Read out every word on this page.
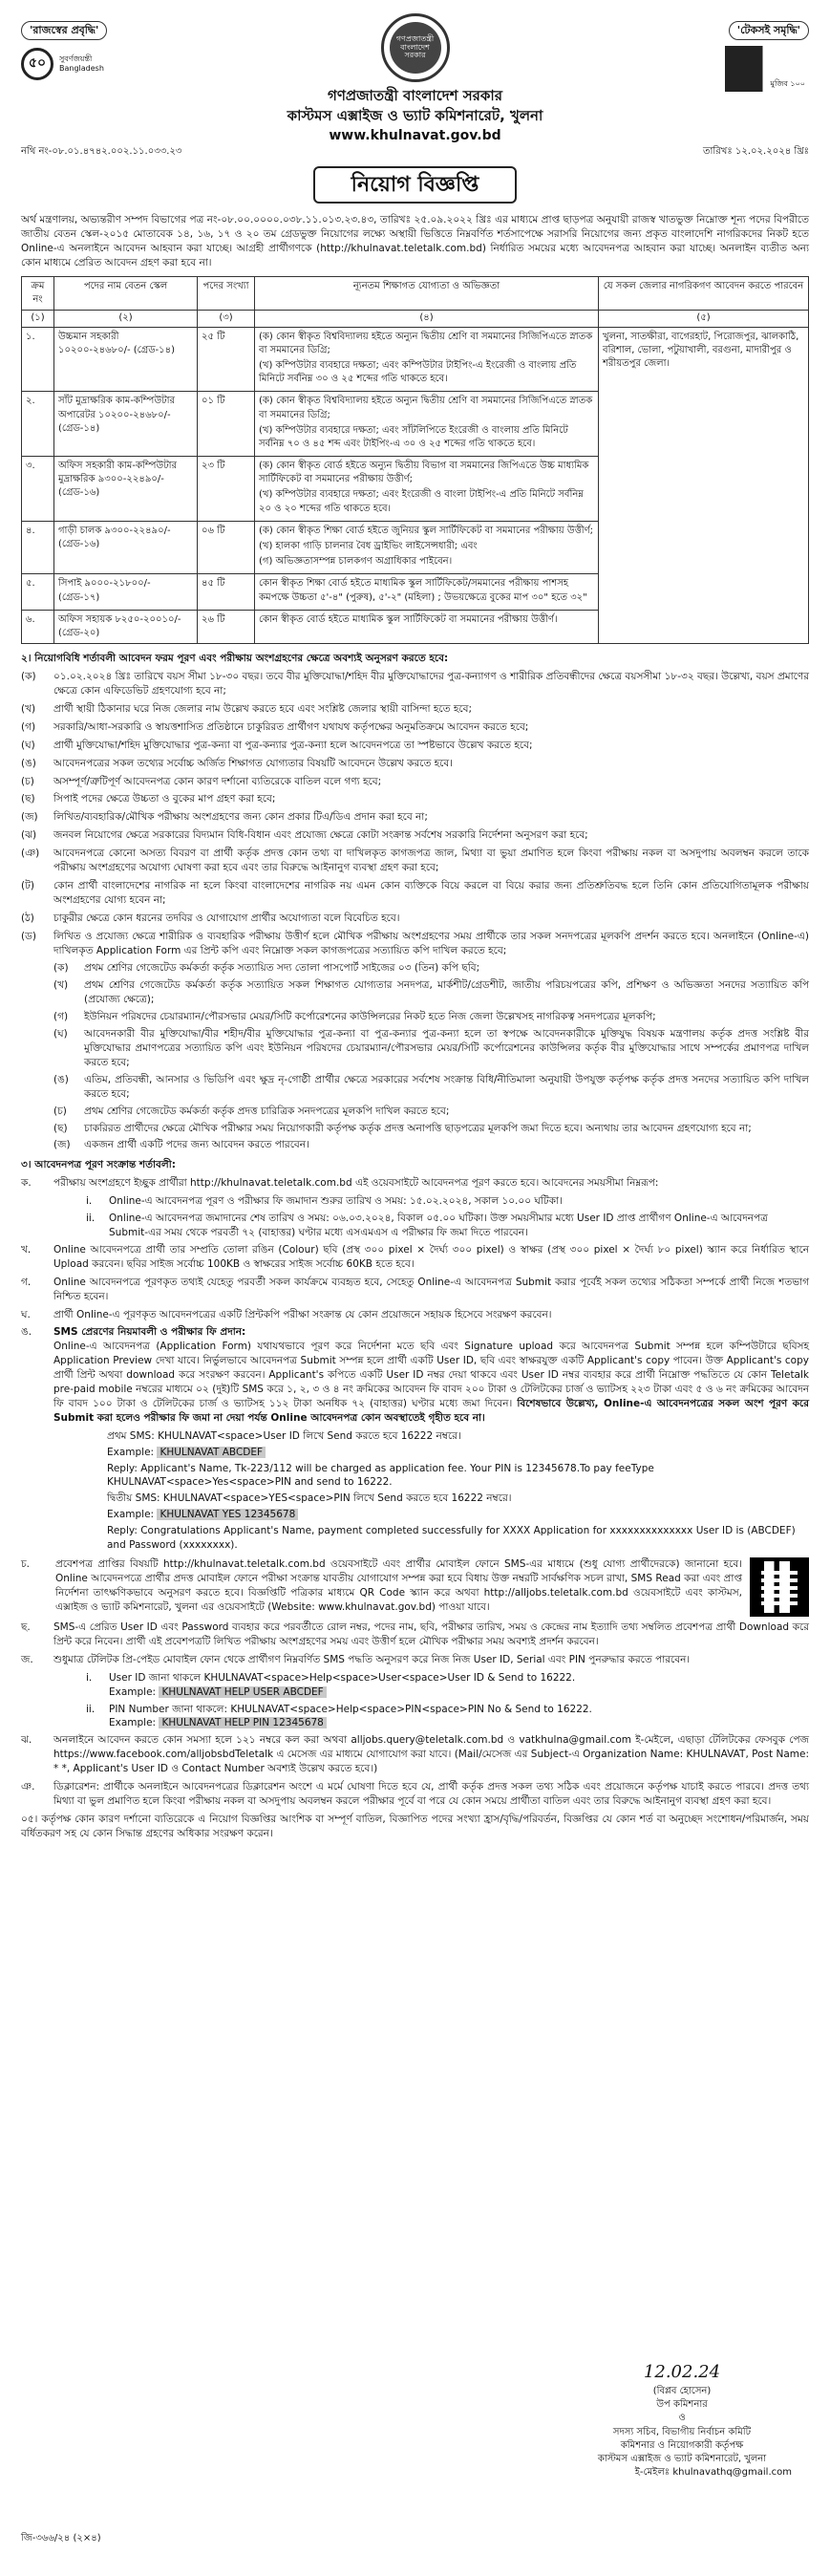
'রাজস্বের প্রবৃদ্ধি'
৫০	সুবর্ণজয়ন্তী
Bangladesh
গণপ্রজাতন্ত্রী বাংলাদেশ সরকার
'টেকসই সমৃদ্ধি'
মুজিব ১০০
গণপ্রজাতন্ত্রী বাংলাদেশ সরকার
কাস্টমস এক্সাইজ ও ভ্যাট কমিশনারেট, খুলনা
www.khulnavat.gov.bd
নথি নং-০৮.০১.৪৭৪২.০০২.১১.০৩৩.২৩	তারিখঃ ১২.০২.২০২৪ খ্রিঃ
নিয়োগ বিজ্ঞপ্তি

অর্থ মন্ত্রণালয়, অভ্যন্তরীণ সম্পদ বিভাগের পত্র নং-০৮.০০.০০০০.০৩৮.১১.০১৩.২৩.৪৩, তারিখঃ ২৫.০৯.২০২২ খ্রিঃ এর মাধ্যমে প্রাপ্ত ছাড়পত্র অনুযায়ী রাজস্ব খাতভুক্ত নিম্নোক্ত শূন্য পদের বিপরীতে জাতীয় বেতন স্কেল-২০১৫ মোতাবেক ১৪, ১৬, ১৭ ও ২০ তম গ্রেডভুক্ত নিয়োগের লক্ষ্যে অস্থায়ী ভিত্তিতে নিম্নবর্ণিত শর্তসাপেক্ষে সরাসরি নিয়োগের জন্য প্রকৃত বাংলাদেশি নাগরিকদের নিকট হতে Online-এ অনলাইনে আবেদন আহবান করা যাচ্ছে। আগ্রহী প্রার্থীগণকে (http://khulnavat.teletalk.com.bd) নির্ধারিত সময়ের মধ্যে আবেদনপত্র আহবান করা যাচ্ছে। অনলাইন ব্যতীত অন্য কোন মাধ্যমে প্রেরিত আবেদন গ্রহণ করা হবে না।

ক্রম নং	পদের নাম বেতন স্কেল	পদের সংখ্যা	ন্যূনতম শিক্ষাগত যোগ্যতা ও অভিজ্ঞতা	যে সকল জেলার নাগরিকগণ আবেদন করতে পারবেন
(১)	(২)	(৩)	(৪)	(৫)
১.	উচ্চমান সহকারী ১০২০০-২৪৬৮০/- (গ্রেড-১৪)	২৫ টি	(ক) কোন স্বীকৃত বিশ্ববিদ্যালয় হইতে অন্যুন দ্বিতীয় শ্রেণি বা সমমানের সিজিপিএতে স্নাতক বা সমমানের ডিগ্রি;
(খ) কম্পিউটার ব্যবহারে দক্ষতা; এবং কম্পিউটার টাইপিং-এ ইংরেজী ও বাংলায় প্রতি মিনিটে সর্বনিম্ন ৩০ ও ২৫ শব্দের গতি থাকতে হবে।	খুলনা, সাতক্ষীরা, বাগেরহাট, পিরোজপুর, ঝালকাঠি, বরিশাল, ভোলা, পটুয়াখালী, বরগুনা, মাদারীপুর ও শরীয়তপুর জেলা।
২.	সাঁট মুদ্রাক্ষরিক কাম-কম্পিউটার অপারেটর ১০২০০-২৪৬৮০/- (গ্রেড-১৪)	০১ টি	(ক) কোন স্বীকৃত বিশ্ববিদ্যালয় হইতে অন্যুন দ্বিতীয় শ্রেণি বা সমমানের সিজিপিএতে স্নাতক বা সমমানের ডিগ্রি;
(খ) কম্পিউটার ব্যবহারে দক্ষতা; এবং সাঁটলিপিতে ইংরেজী ও বাংলায় প্রতি মিনিটে সর্বনিম্ন ৭০ ও ৪৫ শব্দ এবং টাইপিং-এ ৩০ ও ২৫ শব্দের গতি থাকতে হবে।	

৩.	অফিস সহকারী কাম-কম্পিউটার মুদ্রাক্ষরিক ৯৩০০-২২৪৯০/- (গ্রেড-১৬)	২৩ টি	(ক) কোন স্বীকৃত বোর্ড হইতে অন্যুন দ্বিতীয় বিভাগ বা সমমানের জিপিএতে উচ্চ মাধ্যমিক সার্টিফিকেট বা সমমানের পরীক্ষায় উত্তীর্ণ;
(খ) কম্পিউটার ব্যবহারে দক্ষতা; এবং ইংরেজী ও বাংলা টাইপিং-এ প্রতি মিনিটে সর্বনিম্ন ২০ ও ২০ শব্দের গতি থাকতে হবে।	

৪.	গাড়ী চালক ৯৩০০-২২৪৯০/- (গ্রেড-১৬)	০৬ টি	(ক) কোন স্বীকৃত শিক্ষা বোর্ড হইতে জুনিয়র স্কুল সার্টিফিকেট বা সমমানের পরীক্ষায় উত্তীর্ণ;
(খ) হালকা গাড়ি চালনার বৈধ ড্রাইভিং লাইসেন্সধারী; এবং
(গ) অভিজ্ঞতাসম্পন্ন চালকগণ অগ্রাধিকার পাইবেন।	

৫.	সিপাই ৯০০০-২১৮০০/- (গ্রেড-১৭)	৪৫ টি	কোন স্বীকৃত শিক্ষা বোর্ড হইতে মাধ্যমিক স্কুল সার্টিফিকেট/সমমানের পরীক্ষায় পাশসহ কমপক্ষে উচ্চতা ৫'-৪" (পুরুষ), ৫'-২" (মহিলা) ; উভয়ক্ষেত্রে বুকের মাপ ৩০" হতে ৩২"	

৬.	অফিস সহায়ক ৮২৫০-২০০১০/- (গ্রেড-২০)	২৬ টি	কোন স্বীকৃত বোর্ড হইতে মাধ্যমিক স্কুল সার্টিফিকেট বা সমমানের পরীক্ষায় উত্তীর্ণ।	
২। নিয়োগবিধি শর্তাবলী আবেদন ফরম পূরণ এবং পরীক্ষায় অংশগ্রহণের ক্ষেত্রে অবশ্যই অনুসরণ করতে হবে:
(ক)	০১.০২.২০২৪ খ্রিঃ তারিখে বয়স সীমা ১৮-৩০ বছর। তবে বীর মুক্তিযোদ্ধা/শহিদ বীর মুক্তিযোদ্ধাদের পুত্র-কন্যাগণ ও শারীরিক প্রতিবন্ধীদের ক্ষেত্রে বয়সসীমা ১৮-৩২ বছর। উল্লেখ্য, বয়স প্রমাণের ক্ষেত্রে কোন এফিডেভিট গ্রহণযোগ্য হবে না;
(খ)	প্রার্থী স্থায়ী ঠিকানার ঘরে নিজ জেলার নাম উল্লেখ করতে হবে এবং সংশ্লিষ্ট জেলার স্থায়ী বাসিন্দা হতে হবে;
(গ)	সরকারি/আধা-সরকারি ও স্বায়ত্তশাসিত প্রতিষ্ঠানে চাকুরিরত প্রার্থীগণ যথাযথ কর্তৃপক্ষের অনুমতিক্রমে আবেদন করতে হবে;
(ঘ)	প্রার্থী মুক্তিযোদ্ধা/শহিদ মুক্তিযোদ্ধার পুত্র-কন্যা বা পুত্র-কন্যার পুত্র-কন্যা হলে আবেদনপত্রে তা স্পষ্টভাবে উল্লেখ করতে হবে;
(ঙ)	আবেদনপত্রের সকল তথ্যের সর্বোচ্চ অর্জিত শিক্ষাগত যোগ্যতার বিষয়টি আবেদনে উল্লেখ করতে হবে।
(চ)	অসম্পূর্ণ/ত্রুটিপূর্ণ আবেদনপত্র কোন কারণ দর্শানো ব্যতিরেকে বাতিল বলে গণ্য হবে;
(ছ)	সিপাই পদের ক্ষেত্রে উচ্চতা ও বুকের মাপ গ্রহণ করা হবে;
(জ)	লিখিত/ব্যবহারিক/মৌখিক পরীক্ষায় অংশগ্রহণের জন্য কোন প্রকার টিএ/ডিএ প্রদান করা হবে না;
(ঝ)	জনবল নিয়োগের ক্ষেত্রে সরকারের বিদ্যমান বিধি-বিধান এবং প্রযোজ্য ক্ষেত্রে কোটা সংক্রান্ত সর্বশেষ সরকারি নির্দেশনা অনুসরণ করা হবে;
(ঞ)	আবেদনপত্রে কোনো অসত্য বিবরণ বা প্রার্থী কর্তৃক প্রদত্ত কোন তথ্য বা দাখিলকৃত কাগজপত্র জাল, মিথ্যা বা ভুয়া প্রমাণিত হলে কিংবা পরীক্ষায় নকল বা অসদুপায় অবলম্বন করলে তাকে পরীক্ষায় অংশগ্রহণের অযোগ্য ঘোষণা করা হবে এবং তার বিরুদ্ধে আইনানুগ ব্যবস্থা গ্রহণ করা হবে;
(ট)	কোন প্রার্থী বাংলাদেশের নাগরিক না হলে কিংবা বাংলাদেশের নাগরিক নয় এমন কোন ব্যক্তিকে বিয়ে করলে বা বিয়ে করার জন্য প্রতিশ্রুতিবদ্ধ হলে তিনি কোন প্রতিযোগিতামূলক পরীক্ষায় অংশগ্রহণের যোগ্য হবেন না;
(ঠ)	চাকুরীর ক্ষেত্রে কোন ধরনের তদবির ও যোগাযোগ প্রার্থীর অযোগ্যতা বলে বিবেচিত হবে।
(ড)	লিখিত ও প্রযোজ্য ক্ষেত্রে শারীরিক ও ব্যবহারিক পরীক্ষায় উত্তীর্ণ হলে মৌখিক পরীক্ষায় অংশগ্রহণের সময় প্রার্থীকে তার সকল সনদপত্রের মূলকপি প্রদর্শন করতে হবে। অনলাইনে (Online-এ) দাখিলকৃত Application Form এর প্রিন্ট কপি এবং নিম্নোক্ত সকল কাগজপত্রের সত্যায়িত কপি দাখিল করতে হবে;
(ক)	প্রথম শ্রেণির গেজেটেড কর্মকর্তা কর্তৃক সত্যায়িত সদ্য তোলা পাসপোর্ট সাইজের ০৩ (তিন) কপি ছবি;
(খ)	প্রথম শ্রেণির গেজেটেড কর্মকর্তা কর্তৃক সত্যায়িত সকল শিক্ষাগত যোগ্যতার সনদপত্র, মার্কশীট/গ্রেডশীট, জাতীয় পরিচয়পত্রের কপি, প্রশিক্ষণ ও অভিজ্ঞতা সনদের সত্যায়িত কপি (প্রযোজ্য ক্ষেত্রে);
(গ)	ইউনিয়ন পরিষদের চেয়ারম্যান/পৌরসভার মেয়র/সিটি কর্পোরেশনের কাউন্সিলরের নিকট হতে নিজ জেলা উল্লেখসহ নাগরিকত্ব সনদপত্রের মূলকপি;
(ঘ)	আবেদনকারী বীর মুক্তিযোদ্ধা/বীর শহীদ/বীর মুক্তিযোদ্ধার পুত্র-কন্যা বা পুত্র-কন্যার পুত্র-কন্যা হলে তা স্বপক্ষে আবেদনকারীকে মুক্তিযুদ্ধ বিষয়ক মন্ত্রণালয় কর্তৃক প্রদত্ত সংশ্লিষ্ট বীর মুক্তিযোদ্ধার প্রমাণপত্রের সত্যায়িত কপি এবং ইউনিয়ন পরিষদের চেয়ারম্যান/পৌরসভার মেয়র/সিটি কর্পোরেশনের কাউন্সিলর কর্তৃক বীর মুক্তিযোদ্ধার সাথে সম্পর্কের প্রমাণপত্র দাখিল করতে হবে;
(ঙ)	এতিম, প্রতিবন্ধী, আনসার ও ভিডিপি এবং ক্ষুদ্র নৃ-গোষ্ঠী প্রার্থীর ক্ষেত্রে সরকারের সর্বশেষ সংক্রান্ত বিধি/নীতিমালা অনুযায়ী উপযুক্ত কর্তৃপক্ষ কর্তৃক প্রদত্ত সনদের সত্যায়িত কপি দাখিল করতে হবে;
(চ)	প্রথম শ্রেণির গেজেটেড কর্মকর্তা কর্তৃক প্রদত্ত চারিত্রিক সনদপত্রের মূলকপি দাখিল করতে হবে;
(ছ)	চাকরিরত প্রার্থীদের ক্ষেত্রে মৌখিক পরীক্ষার সময় নিয়োগকারী কর্তৃপক্ষ কর্তৃক প্রদত্ত অনাপত্তি ছাড়পত্রের মূলকপি জমা দিতে হবে। অন্যথায় তার আবেদন গ্রহণযোগ্য হবে না;
(জ)	একজন প্রার্থী একটি পদের জন্য আবেদন করতে পারবেন।
৩। আবেদনপত্র পূরণ সংক্রান্ত শর্তাবলী:
ক.	পরীক্ষায় অংশগ্রহণে ইচ্ছুক প্রার্থীরা http://khulnavat.teletalk.com.bd এই ওয়েবসাইটে আবেদনপত্র পূরণ করতে হবে। আবেদনের সময়সীমা নিম্নরূপ:
i.	Online-এ আবেদনপত্র পূরণ ও পরীক্ষার ফি জমাদান শুরুর তারিখ ও সময়: ১৫.০২.২০২৪, সকাল ১০.০০ ঘটিকা।
ii.	Online-এ আবেদনপত্র জমাদানের শেষ তারিখ ও সময়: ০৬.০৩.২০২৪, বিকাল ০৫.০০ ঘটিকা। উক্ত সময়সীমার মধ্যে User ID প্রাপ্ত প্রার্থীগণ Online-এ আবেদনপত্র Submit-এর সময় থেকে পরবর্তী ৭২ (বাহাত্তর) ঘণ্টার মধ্যে এসএমএস এ পরীক্ষার ফি জমা দিতে পারবেন।
খ.	Online আবেদনপত্রে প্রার্থী তার সম্প্রতি তোলা রঙিন (Colour) ছবি (প্রস্থ ৩০০ pixel × দৈর্ঘ্য ৩০০ pixel) ও স্বাক্ষর (প্রস্থ ৩০০ pixel × দৈর্ঘ্য ৮০ pixel) স্ক্যান করে নির্ধারিত স্থানে Upload করবেন। ছবির সাইজ সর্বোচ্চ 100KB ও স্বাক্ষরের সাইজ সর্বোচ্চ 60KB হতে হবে।
গ.	Online আবেদনপত্রে পূরণকৃত তথ্যই যেহেতু পরবর্তী সকল কার্যক্রমে ব্যবহৃত হবে, সেহেতু Online-এ আবেদনপত্র Submit করার পূর্বেই সকল তথ্যের সঠিকতা সম্পর্কে প্রার্থী নিজে শতভাগ নিশ্চিত হবেন।
ঘ.	প্রার্থী Online-এ পূরণকৃত আবেদনপত্রের একটি প্রিন্টকপি পরীক্ষা সংক্রান্ত যে কোন প্রয়োজনে সহায়ক হিসেবে সংরক্ষণ করবেন।
ঙ.	SMS প্রেরণের নিয়মাবলী ও পরীক্ষার ফি প্রদান:
Online-এ আবেদনপত্র (Application Form) যথাযথভাবে পূরণ করে নির্দেশনা মতে ছবি এবং Signature upload করে আবেদনপত্র Submit সম্পন্ন হলে কম্পিউটারে ছবিসহ Application Preview দেখা যাবে। নির্ভুলভাবে আবেদনপত্র Submit সম্পন্ন হলে প্রার্থী একটি User ID, ছবি এবং স্বাক্ষরযুক্ত একটি Applicant's copy পাবেন। উক্ত Applicant's copy প্রার্থী প্রিন্ট অথবা download করে সংরক্ষণ করবেন। Applicant's কপিতে একটি User ID নম্বর দেয়া থাকবে এবং User ID নম্বর ব্যবহার করে প্রার্থী নিম্নোক্ত পদ্ধতিতে যে কোন Teletalk pre-paid mobile নম্বরের মাধ্যমে ০২ (দুই)টি SMS করে ১, ২, ৩ ও ৪ নং ক্রমিকের আবেদন ফি বাবদ ২০০ টাকা ও টেলিটকের চার্জ ও ভ্যাটসহ ২২৩ টাকা এবং ৫ ও ৬ নং ক্রমিকের আবেদন ফি বাবদ ১০০ টাকা ও টেলিটকের চার্জ ও ভ্যাটসহ ১১২ টাকা অনধিক ৭২ (বাহাত্তর) ঘণ্টার মধ্যে জমা দিবেন। বিশেষভাবে উল্লেখ্য, Online-এ আবেদনপত্রের সকল অংশ পূরণ করে Submit করা হলেও পরীক্ষার ফি জমা না দেয়া পর্যন্ত Online আবেদনপত্র কোন অবস্থাতেই গৃহীত হবে না।
প্রথম SMS: KHULNAVAT<space>User ID লিখে Send করতে হবে 16222 নম্বরে।
Example: KHULNAVAT ABCDEF
Reply: Applicant's Name, Tk-223/112 will be charged as application fee. Your PIN is 12345678.To pay feeType KHULNAVAT<space>Yes<space>PIN and send to 16222.
দ্বিতীয় SMS: KHULNAVAT<space>YES<space>PIN লিখে Send করতে হবে 16222 নম্বরে।
Example: KHULNAVAT YES 12345678
Reply: Congratulations Applicant's Name, payment completed successfully for XXXX Application for xxxxxxxxxxxxxx User ID is (ABCDEF) and Password (xxxxxxxx).
চ.	প্রবেশপত্র প্রাপ্তির বিষয়টি http://khulnavat.teletalk.com.bd ওয়েবসাইটে এবং প্রার্থীর মোবাইল ফোনে SMS-এর মাধ্যমে (শুধু যোগ্য প্রার্থীদেরকে) জানানো হবে। Online আবেদনপত্রে প্রার্থীর প্রদত্ত মোবাইল ফোনে পরীক্ষা সংক্রান্ত যাবতীয় যোগাযোগ সম্পন্ন করা হবে বিধায় উক্ত নম্বরটি সার্বক্ষণিক সচল রাখা, SMS Read করা এবং প্রাপ্ত নির্দেশনা তাৎক্ষণিকভাবে অনুসরণ করতে হবে। বিজ্ঞপ্তিটি পত্রিকার মাধ্যমে QR Code স্ক্যান করে অথবা http://alljobs.teletalk.com.bd ওয়েবসাইটে এবং কাস্টমস, এক্সাইজ ও ভ্যাট কমিশনারেট, খুলনা এর ওয়েবসাইটে (Website: www.khulnavat.gov.bd) পাওয়া যাবে।
ছ.	SMS-এ প্রেরিত User ID এবং Password ব্যবহার করে পরবর্তীতে রোল নম্বর, পদের নাম, ছবি, পরীক্ষার তারিখ, সময় ও কেন্দ্রের নাম ইত্যাদি তথ্য সম্বলিত প্রবেশপত্র প্রার্থী Download করে প্রিন্ট করে নিবেন। প্রার্থী এই প্রবেশপত্রটি লিখিত পরীক্ষায় অংশগ্রহণের সময় এবং উত্তীর্ণ হলে মৌখিক পরীক্ষার সময় অবশ্যই প্রদর্শন করবেন।
জ.	শুধুমাত্র টেলিটক প্রি-পেইড মোবাইল ফোন থেকে প্রার্থীগণ নিম্নবর্ণিত SMS পদ্ধতি অনুসরণ করে নিজ নিজ User ID, Serial এবং PIN পুনরুদ্ধার করতে পারবেন।
i.	User ID জানা থাকলে KHULNAVAT<space>Help<space>User<space>User ID & Send to 16222.
Example: KHULNAVAT HELP USER ABCDEF
ii.	PIN Number জানা থাকলে: KHULNAVAT<space>Help<space>PIN<space>PIN No & Send to 16222.
Example: KHULNAVAT HELP PIN 12345678
ঝ.	অনলাইনে আবেদন করতে কোন সমস্যা হলে ১২১ নম্বরে কল করা অথবা alljobs.query@teletalk.com.bd ও vatkhulna@gmail.com ই-মেইলে, এছাড়া টেলিটকের ফেসবুক পেজ https://www.facebook.com/alljobsbdTeletalk এ মেসেজ এর মাধ্যমে যোগাযোগ করা যাবে। (Mail/মেসেজ এর Subject-এ Organization Name: KHULNAVAT, Post Name: * *, Applicant's User ID ও Contact Number অবশ্যই উল্লেখ করতে হবে।)
ঞ.	ডিক্লারেশন: প্রার্থীকে অনলাইনে আবেদনপত্রের ডিক্লারেশন অংশে এ মর্মে ঘোষণা দিতে হবে যে, প্রার্থী কর্তৃক প্রদত্ত সকল তথ্য সঠিক এবং প্রয়োজনে কর্তৃপক্ষ যাচাই করতে পারবে। প্রদত্ত তথ্য মিথ্যা বা ভুল প্রমাণিত হলে কিংবা পরীক্ষায় নকল বা অসদুপায় অবলম্বন করলে পরীক্ষার পূর্বে বা পরে যে কোন সময়ে প্রার্থীতা বাতিল এবং তার বিরুদ্ধে আইনানুগ ব্যবস্থা গ্রহণ করা হবে।

০৫। কর্তৃপক্ষ কোন কারণ দর্শানো ব্যতিরেকে এ নিয়োগ বিজ্ঞপ্তির আংশিক বা সম্পূর্ণ বাতিল, বিজ্ঞাপিত পদের সংখ্যা হ্রাস/বৃদ্ধি/পরিবর্তন, বিজ্ঞপ্তির যে কোন শর্ত বা অনুচ্ছেদ সংশোধন/পরিমার্জন, সময় বর্ধিতকরণ সহ যে কোন সিদ্ধান্ত গ্রহণের অধিকার সংরক্ষণ করেন।

12.02.24
(বিপ্লব হোসেন)
উপ কমিশনার
ও
সদস্য সচিব, বিভাগীয় নির্বাচন কমিটি
কমিশনার ও নিয়োগকারী কর্তৃপক্ষ
কাস্টমস এক্সাইজ ও ভ্যাট কমিশনারেট, খুলনা
ই-মেইলঃ khulnavathq@gmail.com
জি-৩৬৬/২৪ (২×৪)
